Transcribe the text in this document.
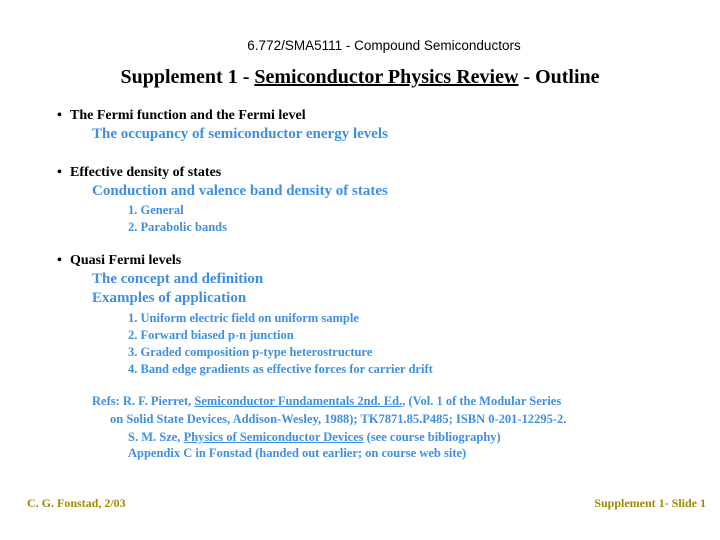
6.772/SMA5111 - Compound Semiconductors
Supplement 1 - Semiconductor Physics Review - Outline
• The Fermi function and the Fermi level
The occupancy of semiconductor energy levels
• Effective density of states
Conduction and valence band density of states
1. General
2. Parabolic bands
• Quasi Fermi levels
The concept and definition
Examples of application
1. Uniform electric field on uniform sample
2. Forward biased p-n junction
3. Graded composition p-type heterostructure
4. Band edge gradients as effective forces for carrier drift
Refs: R. F. Pierret, Semiconductor Fundamentals 2nd. Ed., (Vol. 1 of the Modular Series
on Solid State Devices, Addison-Wesley, 1988); TK7871.85.P485; ISBN 0-201-12295-2.
S. M. Sze, Physics of Semiconductor Devices (see course bibliography)
Appendix C in Fonstad (handed out earlier; on course web site)
C. G. Fonstad, 2/03	Supplement 1- Slide 1
